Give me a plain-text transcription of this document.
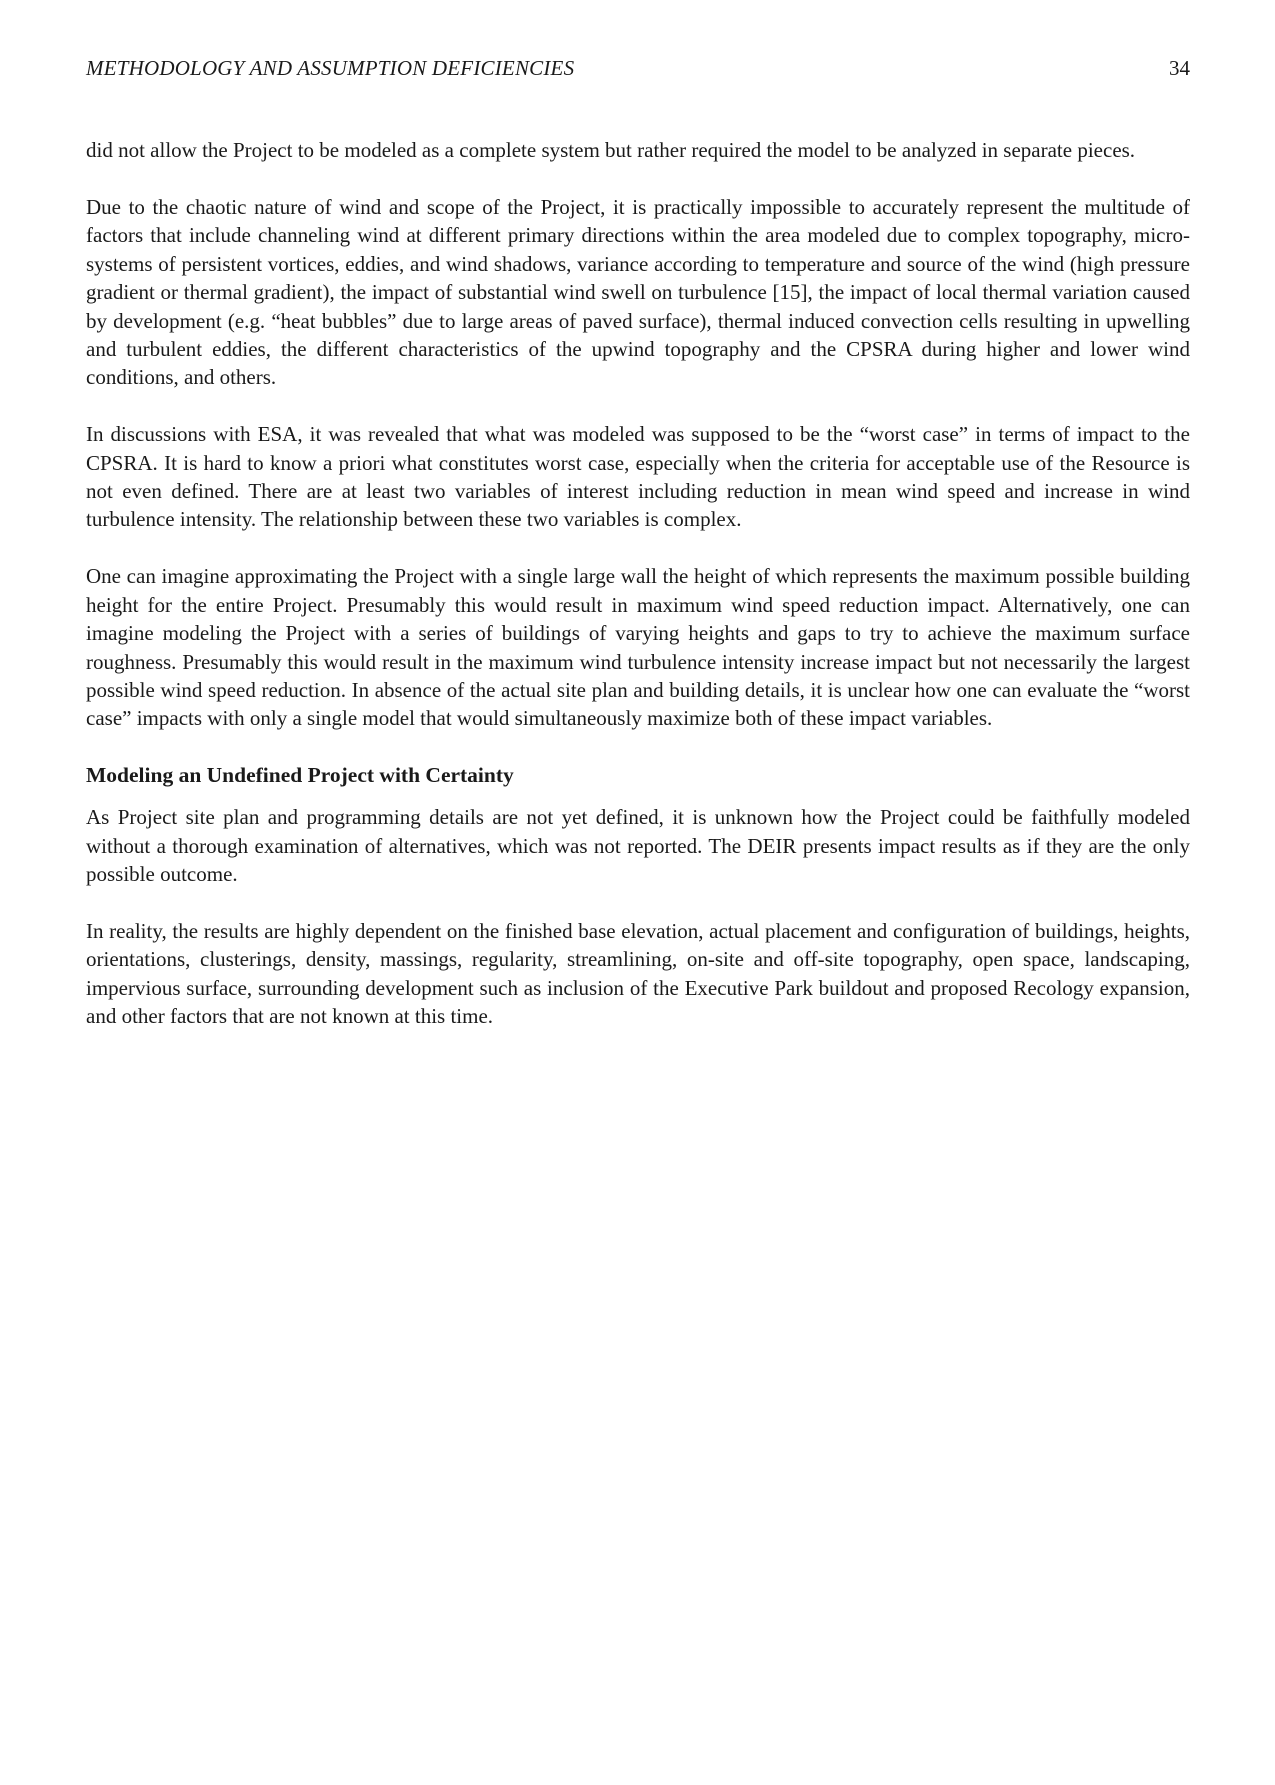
METHODOLOGY AND ASSUMPTION DEFICIENCIES	34

did not allow the Project to be modeled as a complete system but rather required the model to be analyzed in separate pieces.

Due to the chaotic nature of wind and scope of the Project, it is practically impossible to accurately represent the multitude of factors that include channeling wind at different primary directions within the area modeled due to complex topography, micro-systems of persistent vortices, eddies, and wind shadows, variance according to temperature and source of the wind (high pressure gradient or thermal gradient), the impact of substantial wind swell on turbulence [15], the impact of local thermal variation caused by development (e.g. “heat bubbles” due to large areas of paved surface), thermal induced convection cells resulting in upwelling and turbulent eddies, the different characteristics of the upwind topography and the CPSRA during higher and lower wind conditions, and others.

In discussions with ESA, it was revealed that what was modeled was supposed to be the “worst case” in terms of impact to the CPSRA. It is hard to know a priori what constitutes worst case, especially when the criteria for acceptable use of the Resource is not even defined. There are at least two variables of interest including reduction in mean wind speed and increase in wind turbulence intensity. The relationship between these two variables is complex.

One can imagine approximating the Project with a single large wall the height of which represents the maximum possible building height for the entire Project. Presumably this would result in maximum wind speed reduction impact. Alternatively, one can imagine modeling the Project with a series of buildings of varying heights and gaps to try to achieve the maximum surface roughness. Presumably this would result in the maximum wind turbulence intensity increase impact but not necessarily the largest possible wind speed reduction. In absence of the actual site plan and building details, it is unclear how one can evaluate the “worst case” impacts with only a single model that would simultaneously maximize both of these impact variables.

Modeling an Undefined Project with Certainty

As Project site plan and programming details are not yet defined, it is unknown how the Project could be faithfully modeled without a thorough examination of alternatives, which was not reported. The DEIR presents impact results as if they are the only possible outcome.

In reality, the results are highly dependent on the finished base elevation, actual placement and configuration of buildings, heights, orientations, clusterings, density, massings, regularity, streamlining, on-site and off-site topography, open space, landscaping, impervious surface, surrounding development such as inclusion of the Executive Park buildout and proposed Recology expansion, and other factors that are not known at this time.
